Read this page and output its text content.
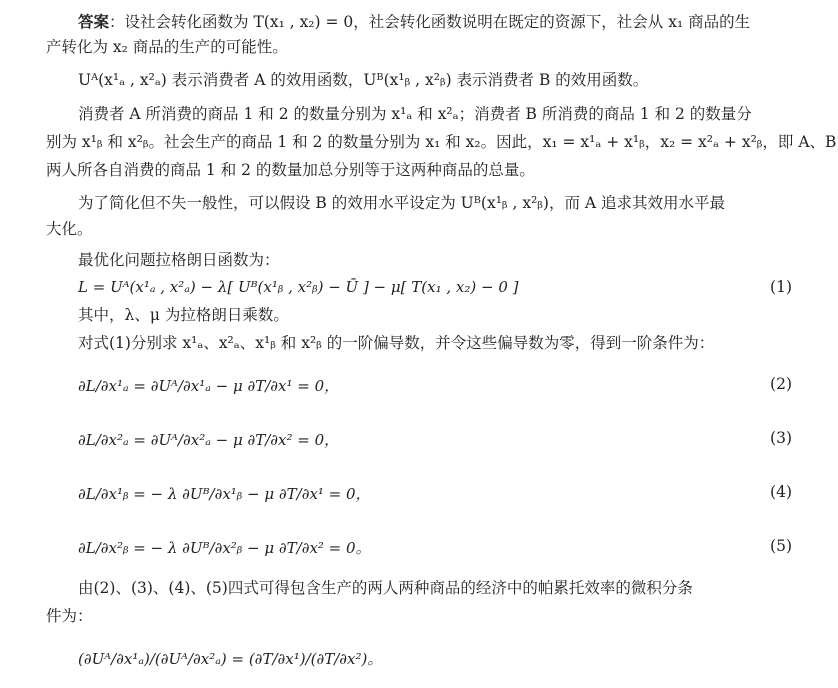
答案：设社会转化函数为 T(x₁ , x₂) = 0，社会转化函数说明在既定的资源下，社会从 x₁ 商品的生
产转化为 x₂ 商品的生产的可能性。
Uᴬ(x¹ₐ , x²ₐ) 表示消费者 A 的效用函数，Uᴮ(x¹ᵦ , x²ᵦ) 表示消费者 B 的效用函数。
消费者 A 所消费的商品 1 和 2 的数量分别为 x¹ₐ 和 x²ₐ；消费者 B 所消费的商品 1 和 2 的数量分
别为 x¹ᵦ 和 x²ᵦ。社会生产的商品 1 和 2 的数量分别为 x₁ 和 x₂。因此，x₁ = x¹ₐ + x¹ᵦ，x₂ = x²ₐ + x²ᵦ，即 A、B
两人所各自消费的商品 1 和 2 的数量加总分别等于这两种商品的总量。
为了简化但不失一般性，可以假设 B 的效用水平设定为 Uᴮ(x¹ᵦ , x²ᵦ)，而 A 追求其效用水平最
大化。
最优化问题拉格朗日函数为：
L = Uᴬ(x¹ₐ , x²ₐ) − λ[ Uᴮ(x¹ᵦ , x²ᵦ) − Ū ] − μ[ T(x₁ , x₂) − 0 ]	(1)
其中，λ、μ 为拉格朗日乘数。
对式(1)分别求 x¹ₐ、x²ₐ、x¹ᵦ 和 x²ᵦ 的一阶偏导数，并令这些偏导数为零，得到一阶条件为：
∂L/∂x¹ₐ = ∂Uᴬ/∂x¹ₐ − μ ∂T/∂x¹ = 0，	(2)
∂L/∂x²ₐ = ∂Uᴬ/∂x²ₐ − μ ∂T/∂x² = 0，	(3)
∂L/∂x¹ᵦ = − λ ∂Uᴮ/∂x¹ᵦ − μ ∂T/∂x¹ = 0，	(4)
∂L/∂x²ᵦ = − λ ∂Uᴮ/∂x²ᵦ − μ ∂T/∂x² = 0。	(5)
由(2)、(3)、(4)、(5)四式可得包含生产的两人两种商品的经济中的帕累托效率的微积分条
件为：
(∂Uᴬ/∂x¹ₐ)/(∂Uᴬ/∂x²ₐ) = (∂T/∂x¹)/(∂T/∂x²)。
